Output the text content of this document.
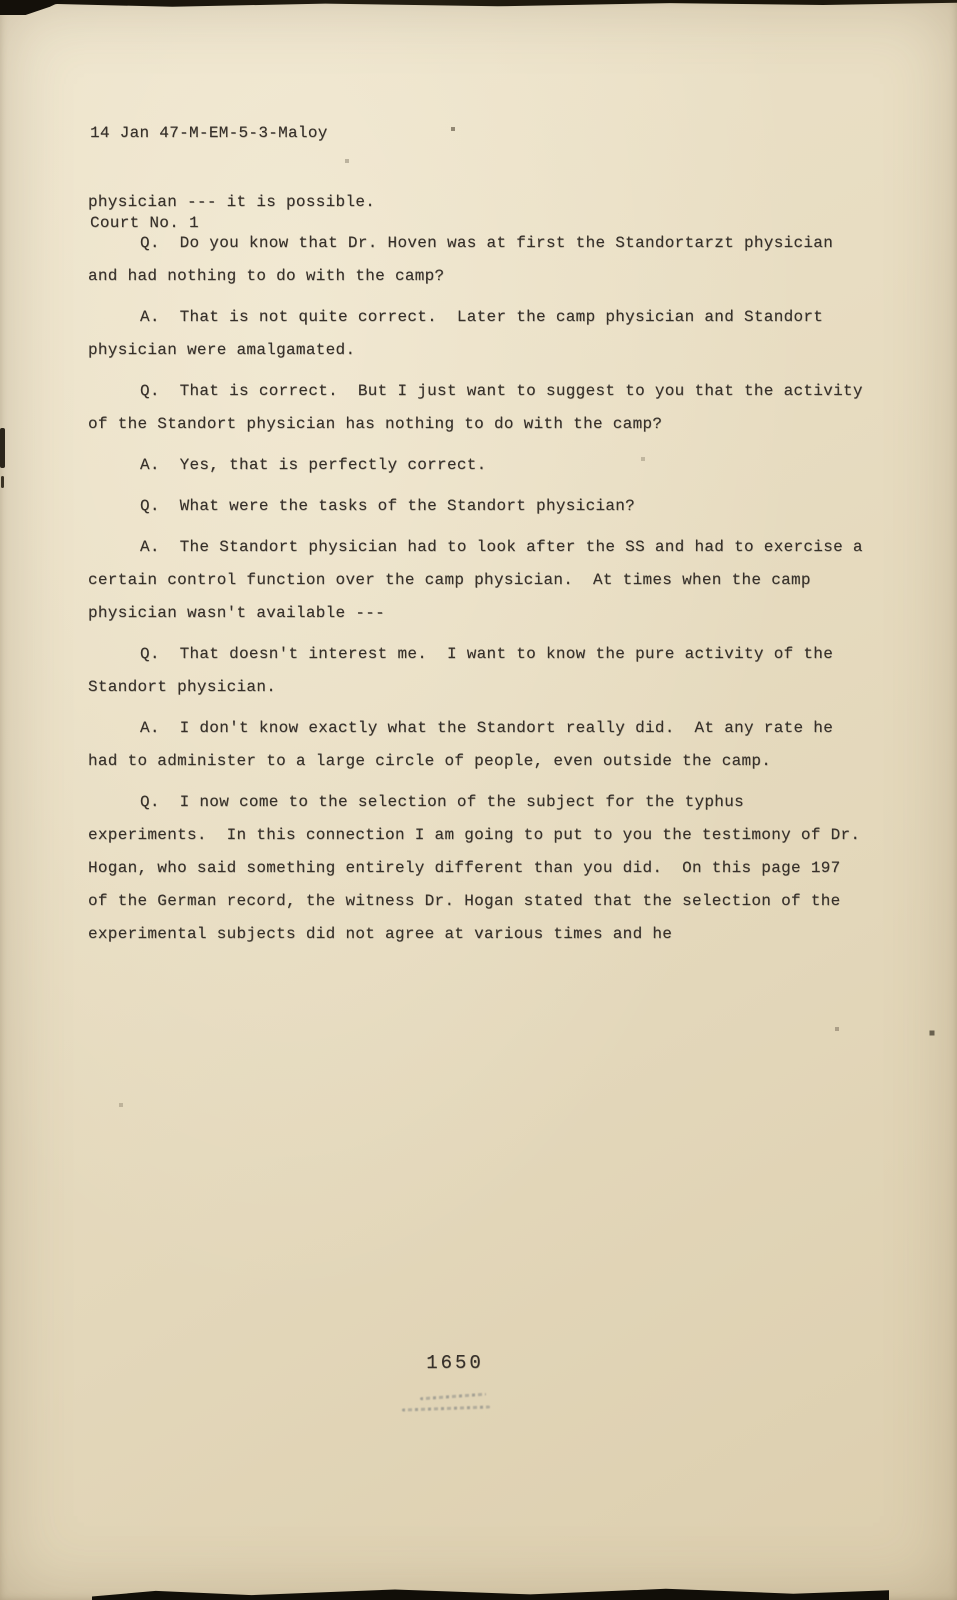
14 Jan 47-M-EM-5-3-Maloy

Court No. 1

physician --- it is possible.

Q.  Do you know that Dr. Hoven was at first the Standortarzt physician and had nothing to do with the camp?

A.  That is not quite correct.  Later the camp physician and Standort physician were amalgamated.

Q.  That is correct.  But I just want to suggest to you that the activity of the Standort physician has nothing to do with the camp?

A.  Yes, that is perfectly correct.

Q.  What were the tasks of the Standort physician?

A.  The Standort physician had to look after the SS and had to exercise a certain control function over the camp physician.  At times when the camp physician wasn't available ---

Q.  That doesn't interest me.  I want to know the pure activity of the Standort physician.

A.  I don't know exactly what the Standort really did.  At any rate he had to administer to a large circle of people, even outside the camp.

Q.  I now come to the selection of the subject for the typhus experiments.  In this connection I am going to put to you the testimony of Dr. Hogan, who said something entirely different than you did.  On this page 197 of the German record, the witness Dr. Hogan stated that the selection of the experimental subjects did not agree at various times and he

1650
